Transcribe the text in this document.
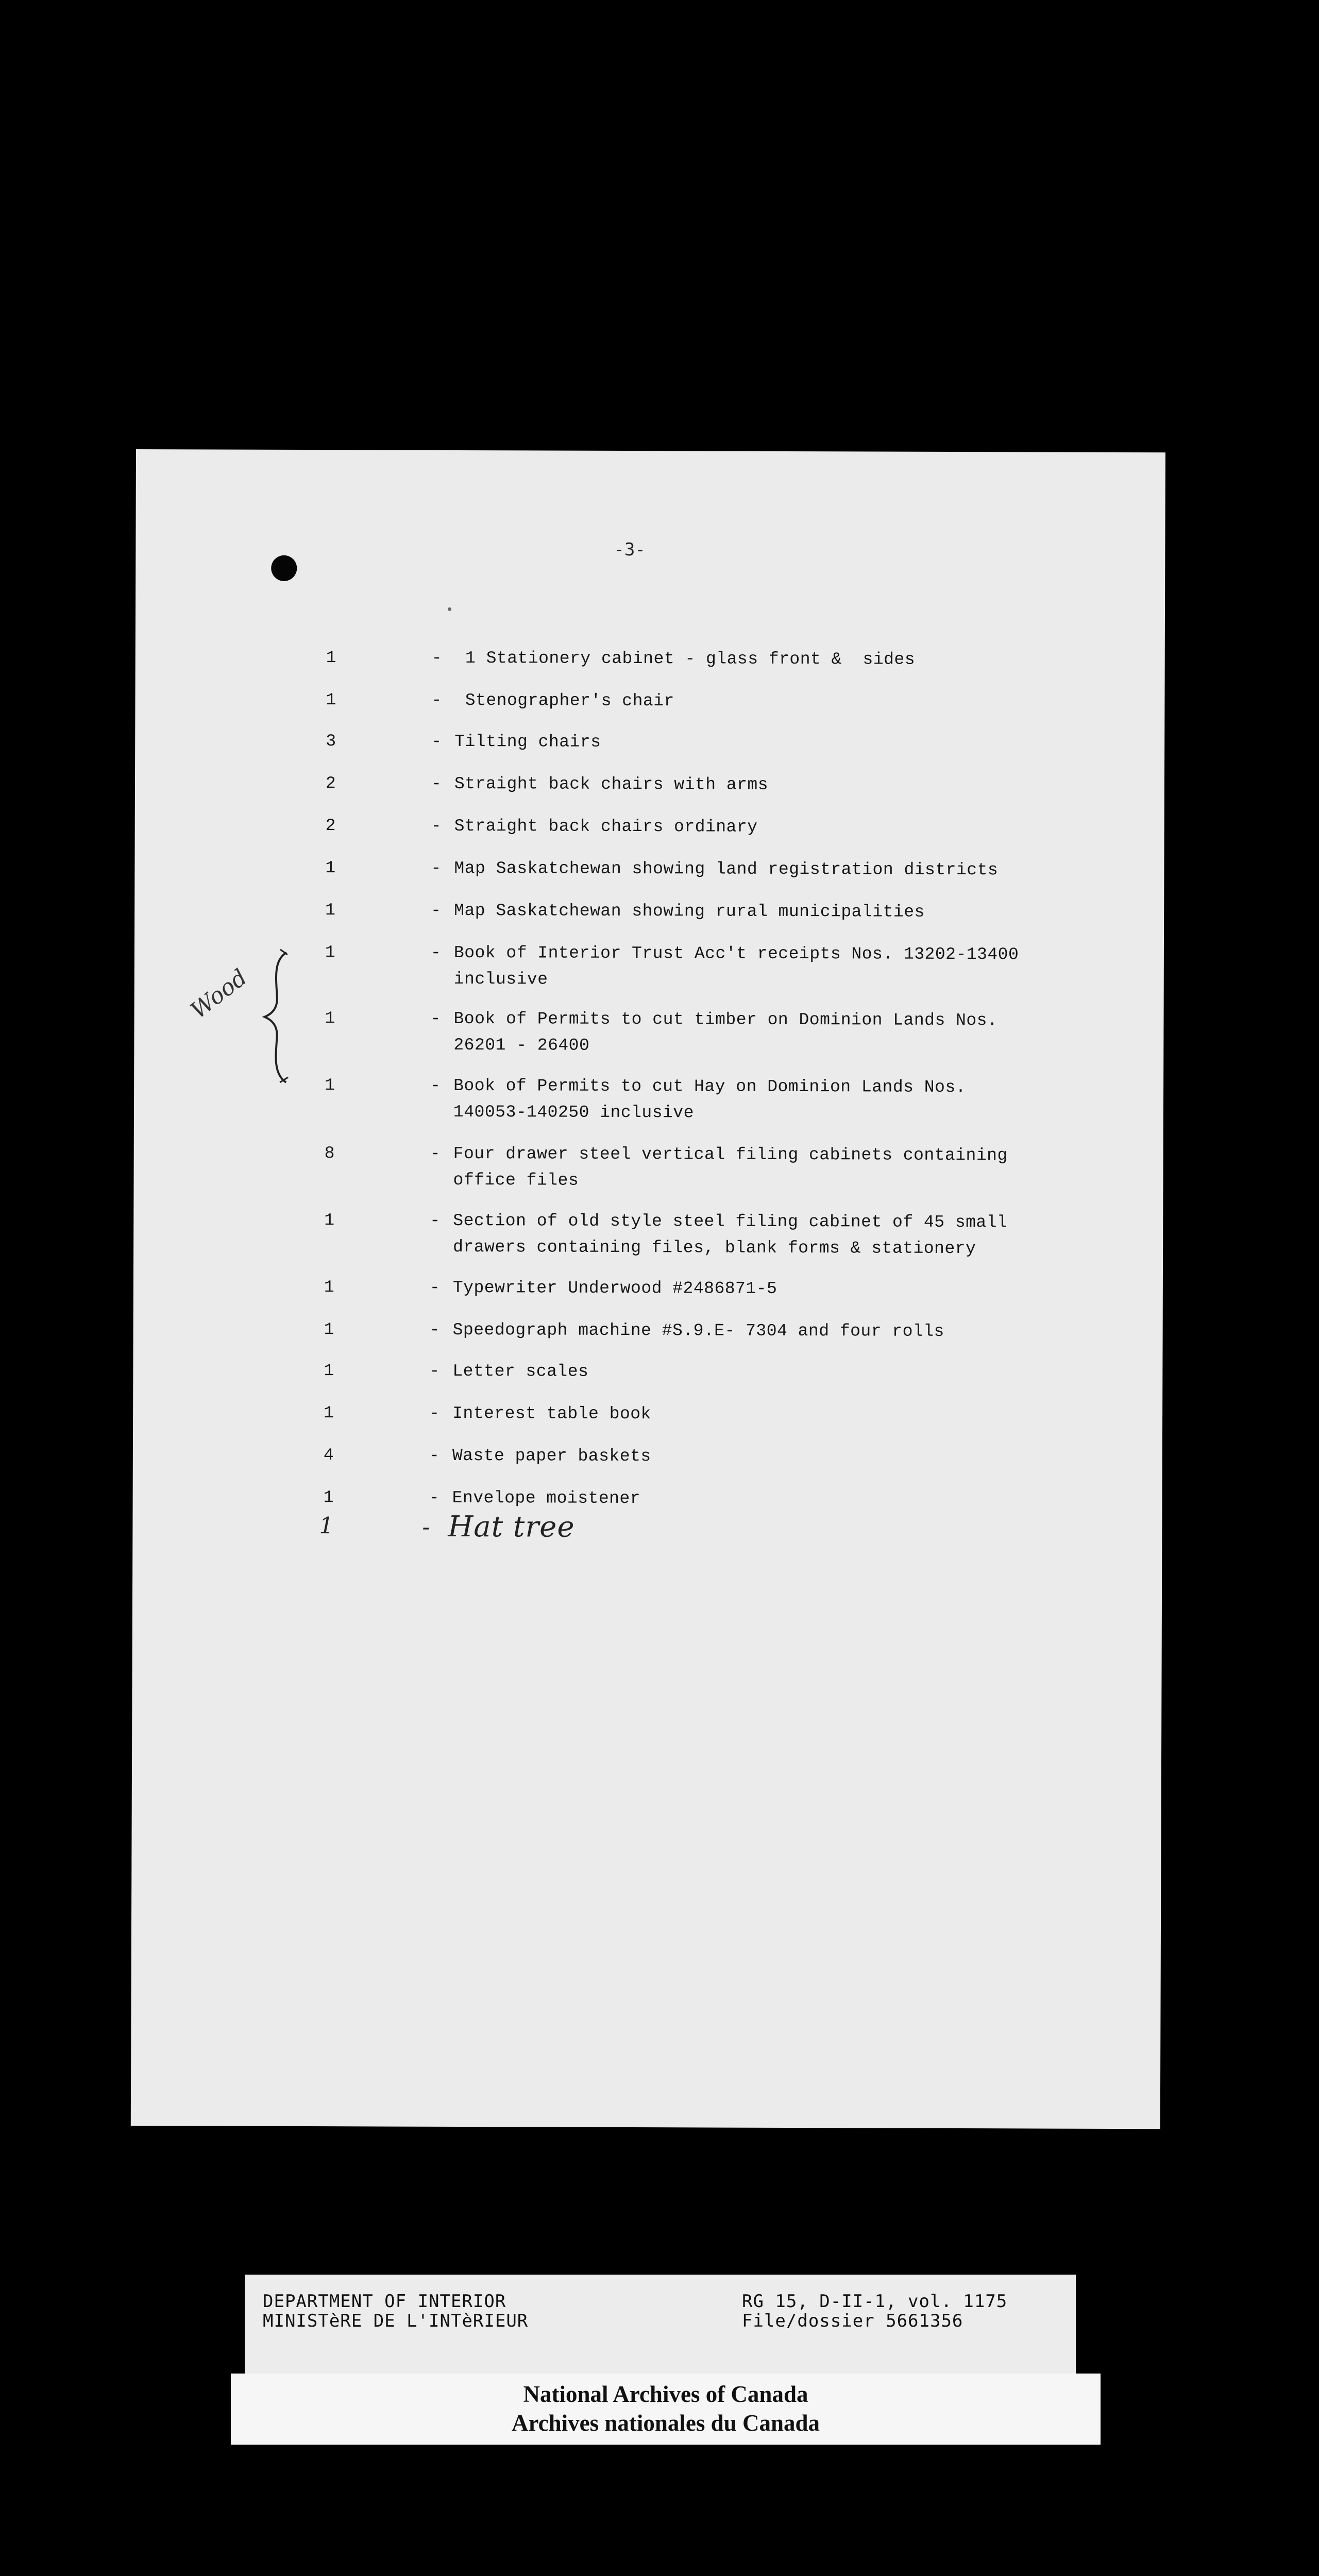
-3-
Wood
1	- 1 Stationery cabinet - glass front &  sides
1	- Stenographer's chair
3	- Tilting chairs
2	- Straight back chairs with arms
2	- Straight back chairs ordinary
1	- Map Saskatchewan showing land registration districts
1	- Map Saskatchewan showing rural municipalities
1	- Book of Interior Trust Acc't receipts Nos. 13202-13400
inclusive
1	- Book of Permits to cut timber on Dominion Lands Nos.
26201 - 26400
1	- Book of Permits to cut Hay on Dominion Lands Nos.
140053-140250 inclusive
8	- Four drawer steel vertical filing cabinets containing
office files
1	- Section of old style steel filing cabinet of 45 small
drawers containing files, blank forms & stationery
1	- Typewriter Underwood #2486871-5
1	- Speedograph machine #S.9.E- 7304 and four rolls
1	- Letter scales
1	- Interest table book
4	- Waste paper baskets
1	- Envelope moistener
1	- Hat tree
DEPARTMENT OF INTERIOR
MINISTèRE DE L'INTèRIEUR
RG 15, D-II-1, vol. 1175
File/dossier 5661356
National Archives of Canada
Archives nationales du Canada
